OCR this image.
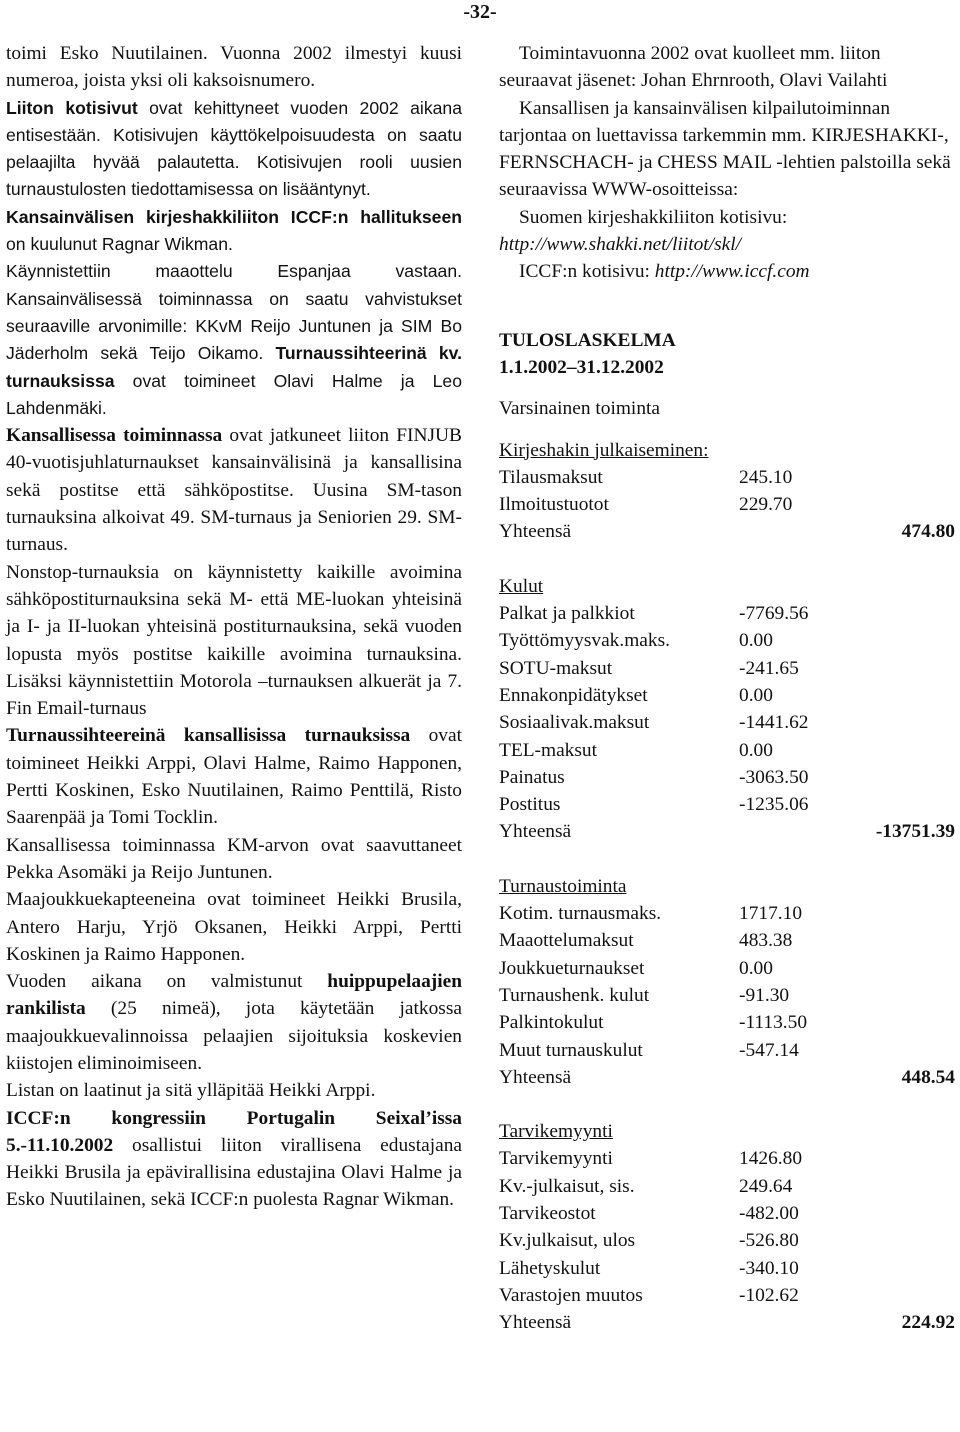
-32-

toimi Esko Nuutilainen. Vuonna 2002 ilmestyi kuusi numeroa, joista yksi oli kaksoisnumero.

Liiton kotisivut ovat kehittyneet vuoden 2002 aikana entisestään. Kotisivujen käyttökelpoisuudesta on saatu pelaajilta hyvää palautetta. Kotisivujen rooli uusien turnaustulosten tiedottamisessa on lisääntynyt.

Kansainvälisen kirjeshakkiliiton ICCF:n hallitukseen on kuulunut Ragnar Wikman.

Käynnistettiin maaottelu Espanjaa vastaan. Kansainvälisessä toiminnassa on saatu vahvistukset seuraaville arvonimille: KKvM Reijo Juntunen ja SIM Bo Jäderholm sekä Teijo Oikamo. Turnaussihteerinä kv. turnauksissa ovat toimineet Olavi Halme ja Leo Lahdenmäki.

Kansallisessa toiminnassa ovat jatkuneet liiton FINJUB 40-vuotisjuhlaturnaukset kansainvälisinä ja kansallisina sekä postitse että sähköpostitse. Uusina SM-tason turnauksina alkoivat 49. SM-turnaus ja Seniorien 29. SM-turnaus.

Nonstop-turnauksia on käynnistetty kaikille avoimina sähköpostiturnauksina sekä M- että ME-luokan yhteisinä ja I- ja II-luokan yhteisinä postiturnauksina, sekä vuoden lopusta myös postitse kaikille avoimina turnauksina. Lisäksi käynnistettiin Motorola –turnauksen alkuerät ja 7. Fin Email-turnaus

Turnaussihteereinä kansallisissa turnauksissa ovat toimineet Heikki Arppi, Olavi Halme, Raimo Happonen, Pertti Koskinen, Esko Nuutilainen, Raimo Penttilä, Risto Saarenpää ja Tomi Tocklin.

Kansallisessa toiminnassa KM-arvon ovat saavuttaneet Pekka Asomäki ja Reijo Juntunen.

Maajoukkuekapteeneina ovat toimineet Heikki Brusila, Antero Harju, Yrjö Oksanen, Heikki Arppi, Pertti Koskinen ja Raimo Happonen.

Vuoden aikana on valmistunut huippupelaajien rankilista (25 nimeä), jota käytetään jatkossa maajoukkuevalinnoissa pelaajien sijoituksia koskevien kiistojen eliminoimiseen.

Listan on laatinut ja sitä ylläpitää Heikki Arppi.

ICCF:n kongressiin Portugalin Seixal’issa 5.-11.10.2002 osallistui liiton virallisena edustajana Heikki Brusila ja epävirallisina edustajina Olavi Halme ja Esko Nuutilainen, sekä ICCF:n puolesta Ragnar Wikman.

Toimintavuonna 2002 ovat kuolleet mm. liiton seuraavat jäsenet: Johan Ehrnrooth, Olavi Vailahti

Kansallisen ja kansainvälisen kilpailutoiminnan tarjontaa on luettavissa tarkemmin mm. KIRJESHAKKI-, FERNSCHACH- ja CHESS MAIL -lehtien palstoilla sekä seuraavissa WWW-osoitteissa:

Suomen kirjeshakkiliiton kotisivu: http://www.shakki.net/liitot/skl/

ICCF:n kotisivu: http://www.iccf.com

TULOSLASKELMA

1.1.2002–31.12.2002

Varsinainen toiminta

Kirjeshakin julkaiseminen:

Tilausmaksut	245.10
Ilmoitustuotot	229.70
Yhteensä	474.80

Kulut

Palkat ja palkkiot	-7769.56
Työttömyysvak.maks.	0.00
SOTU-maksut	-241.65
Ennakonpidätykset	0.00
Sosiaalivak.maksut	-1441.62
TEL-maksut	0.00
Painatus	-3063.50
Postitus	-1235.06
Yhteensä	-13751.39

Turnaustoiminta

Kotim. turnausmaks.	1717.10
Maaottelumaksut	483.38
Joukkueturnaukset	0.00
Turnaushenk. kulut	-91.30
Palkintokulut	-1113.50
Muut turnauskulut	-547.14
Yhteensä	448.54

Tarvikemyynti

Tarvikemyynti	1426.80
Kv.-julkaisut, sis.	249.64
Tarvikeostot	-482.00
Kv.julkaisut, ulos	-526.80
Lähetyskulut	-340.10
Varastojen muutos	-102.62
Yhteensä	224.92
